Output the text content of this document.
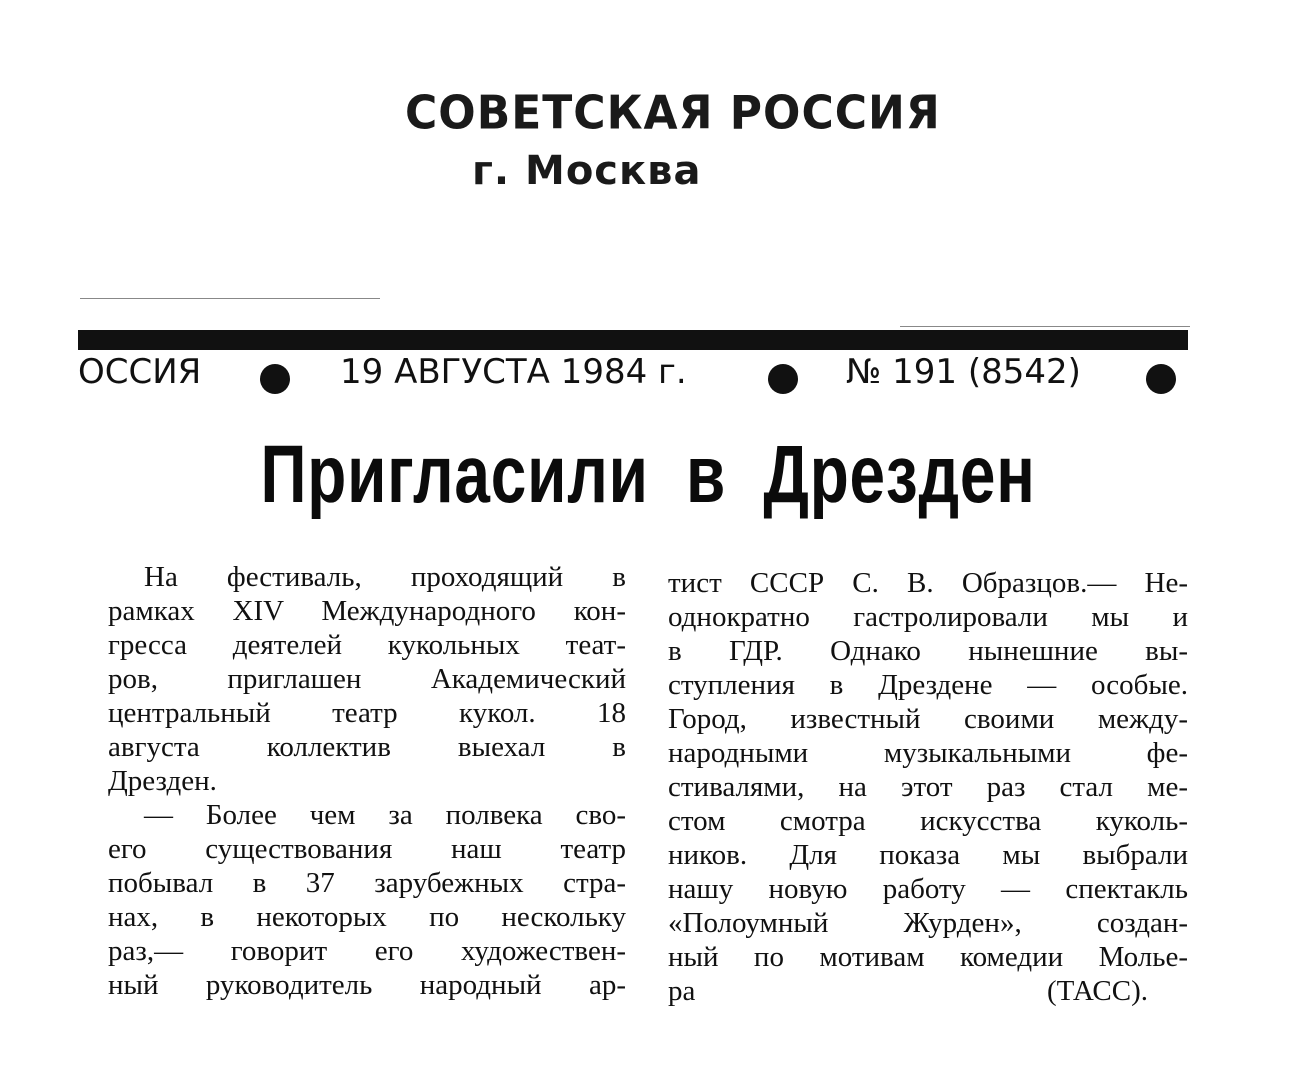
СОВЕТСКАЯ РОССИЯ
г. Москва
ОССИЯ	19 АВГУСТА 1984 г.	№ 191 (8542)
Пригласили в Дрезден
На фестиваль, проходящий в
рамках XIV Международного кон-
гресса деятелей кукольных теат-
ров, приглашен Академический
центральный театр кукол. 18
августа коллектив выехал в
Дрезден.
— Более чем за полвека сво-
его существования наш театр
побывал в 37 зарубежных стра-
нах, в некоторых по нескольку
раз,— говорит его художествен-
ный руководитель народный ар-
тист СССР С. В. Образцов.— Не-
однократно гастролировали мы и
в ГДР. Однако нынешние вы-
ступления в Дрездене — особые.
Город, известный своими между-
народными музыкальными фе-
стивалями, на этот раз стал ме-
стом смотра искусства куколь-
ников. Для показа мы выбрали
нашу новую работу — спектакль
«Полоумный Журден», создан-
ный по мотивам комедии Молье-
ра	(ТАСС).
